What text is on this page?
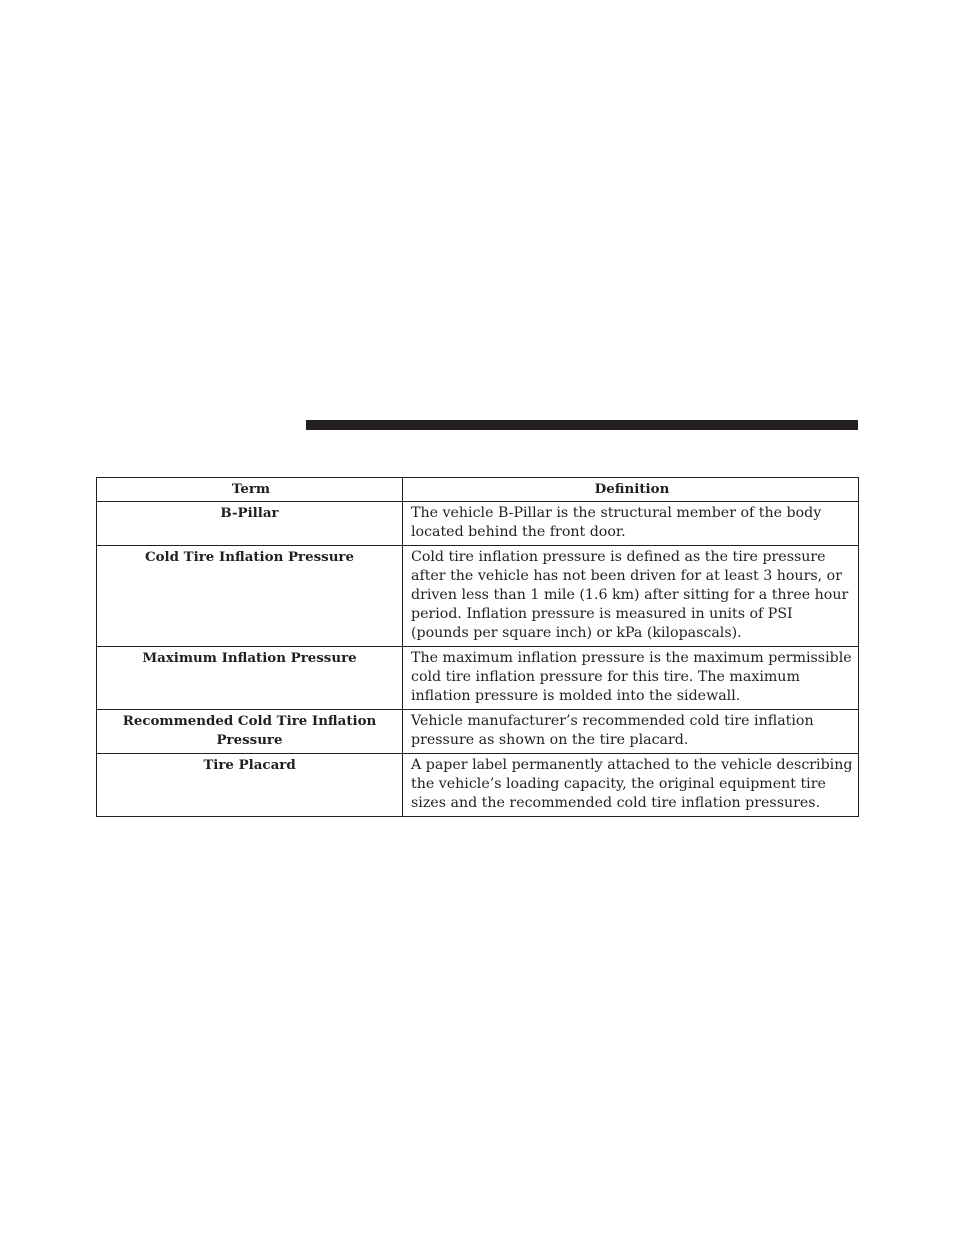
Term	Definition
B-Pillar	The vehicle B-Pillar is the structural member of the body located behind the front door.
Cold Tire Inflation Pressure	Cold tire inflation pressure is defined as the tire pressure after the vehicle has not been driven for at least 3 hours, or driven less than 1 mile (1.6 km) after sitting for a three hour period. Inflation pressure is measured in units of PSI (pounds per square inch) or kPa (kilopascals).
Maximum Inflation Pressure	The maximum inflation pressure is the maximum permissible cold tire inflation pressure for this tire. The maximum inflation pressure is molded into the sidewall.
Recommended Cold Tire Inflation Pressure	Vehicle manufacturer’s recommended cold tire inflation pressure as shown on the tire placard.
Tire Placard	A paper label permanently attached to the vehicle describing the vehicle’s loading capacity, the original equipment tire sizes and the recommended cold tire inflation pressures.
